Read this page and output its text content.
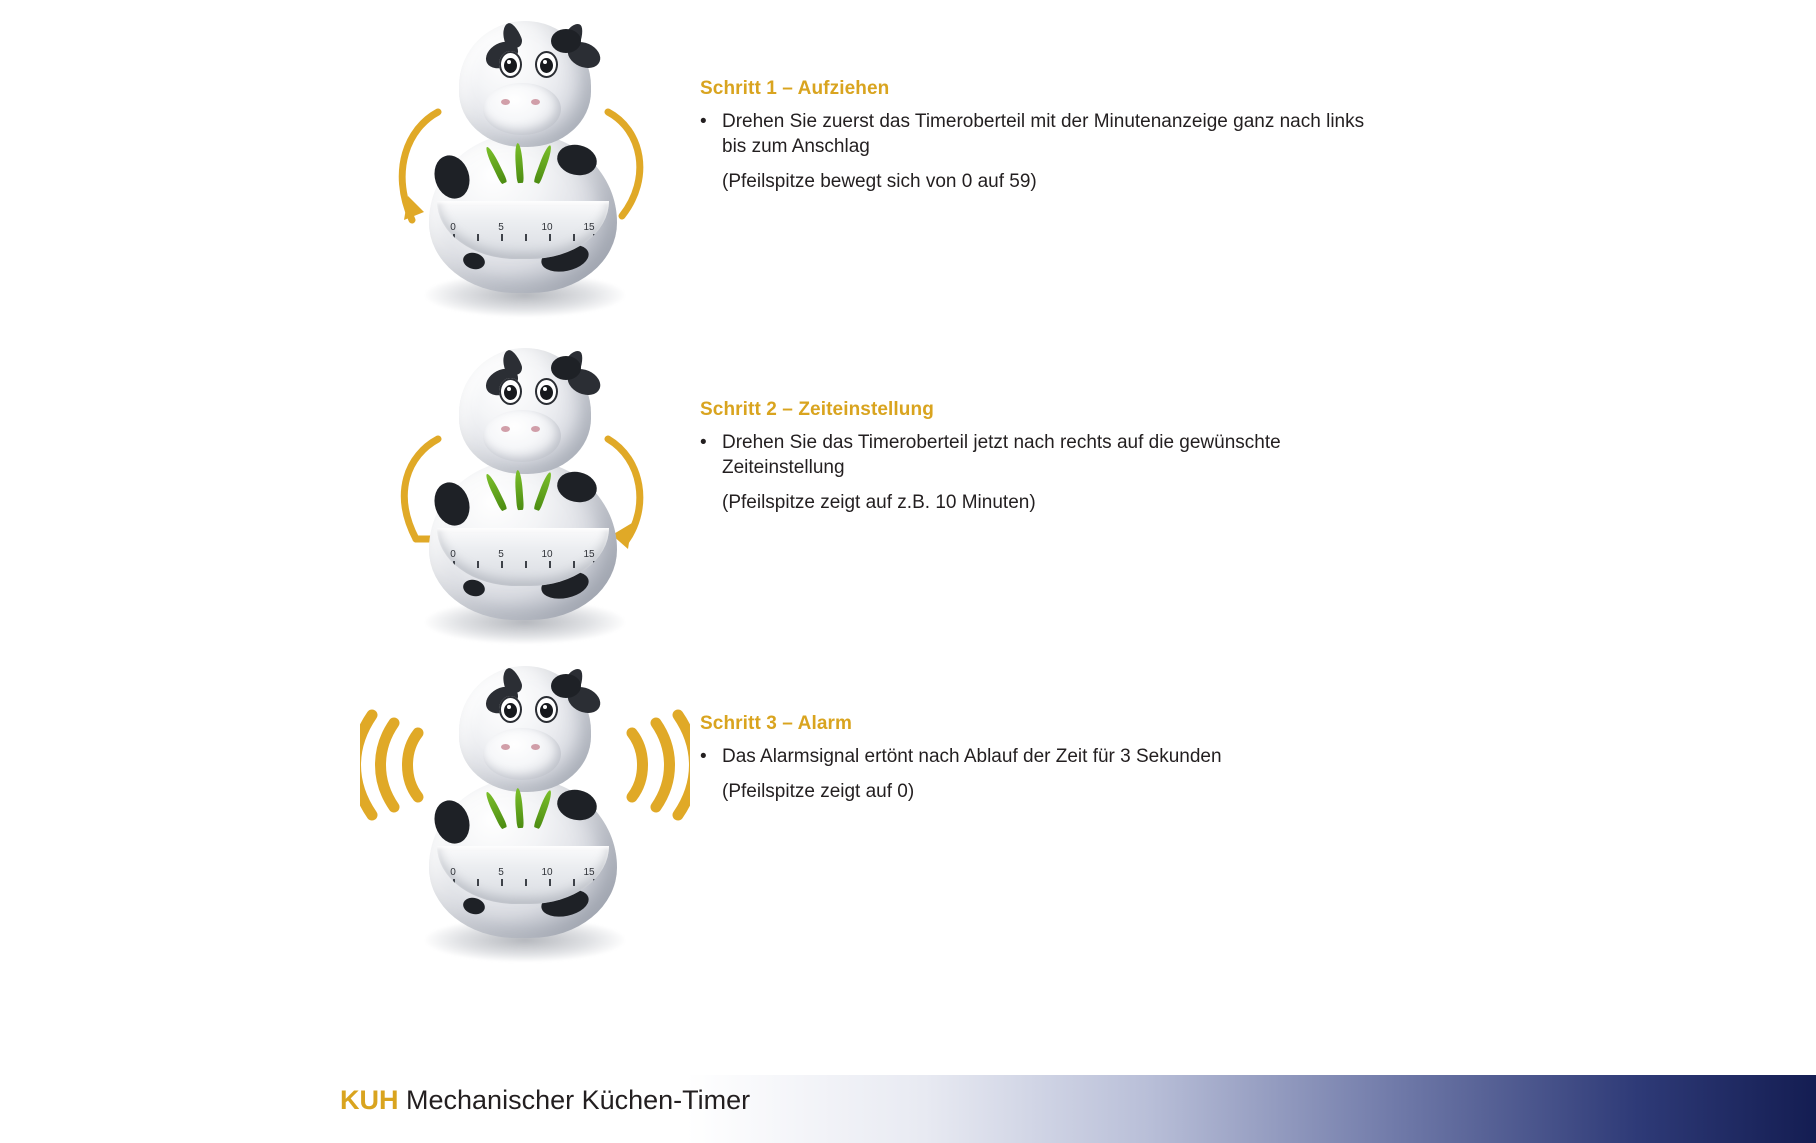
0	5	10	15

Schritt 1 – Aufziehen

• Drehen Sie zuerst das Timeroberteil mit der Minutenanzeige ganz nach links bis zum Anschlag

(Pfeilspitze bewegt sich von 0 auf 59)

0	5	10	15

Schritt 2 – Zeiteinstellung

• Drehen Sie das Timeroberteil jetzt nach rechts auf die gewünschte Zeiteinstellung

(Pfeilspitze zeigt auf z.B. 10 Minuten)

0	5	10	15

Schritt 3 – Alarm

• Das Alarmsignal ertönt nach Ablauf der Zeit für 3 Sekunden

(Pfeilspitze zeigt auf 0)

KUH Mechanischer Küchen-Timer
